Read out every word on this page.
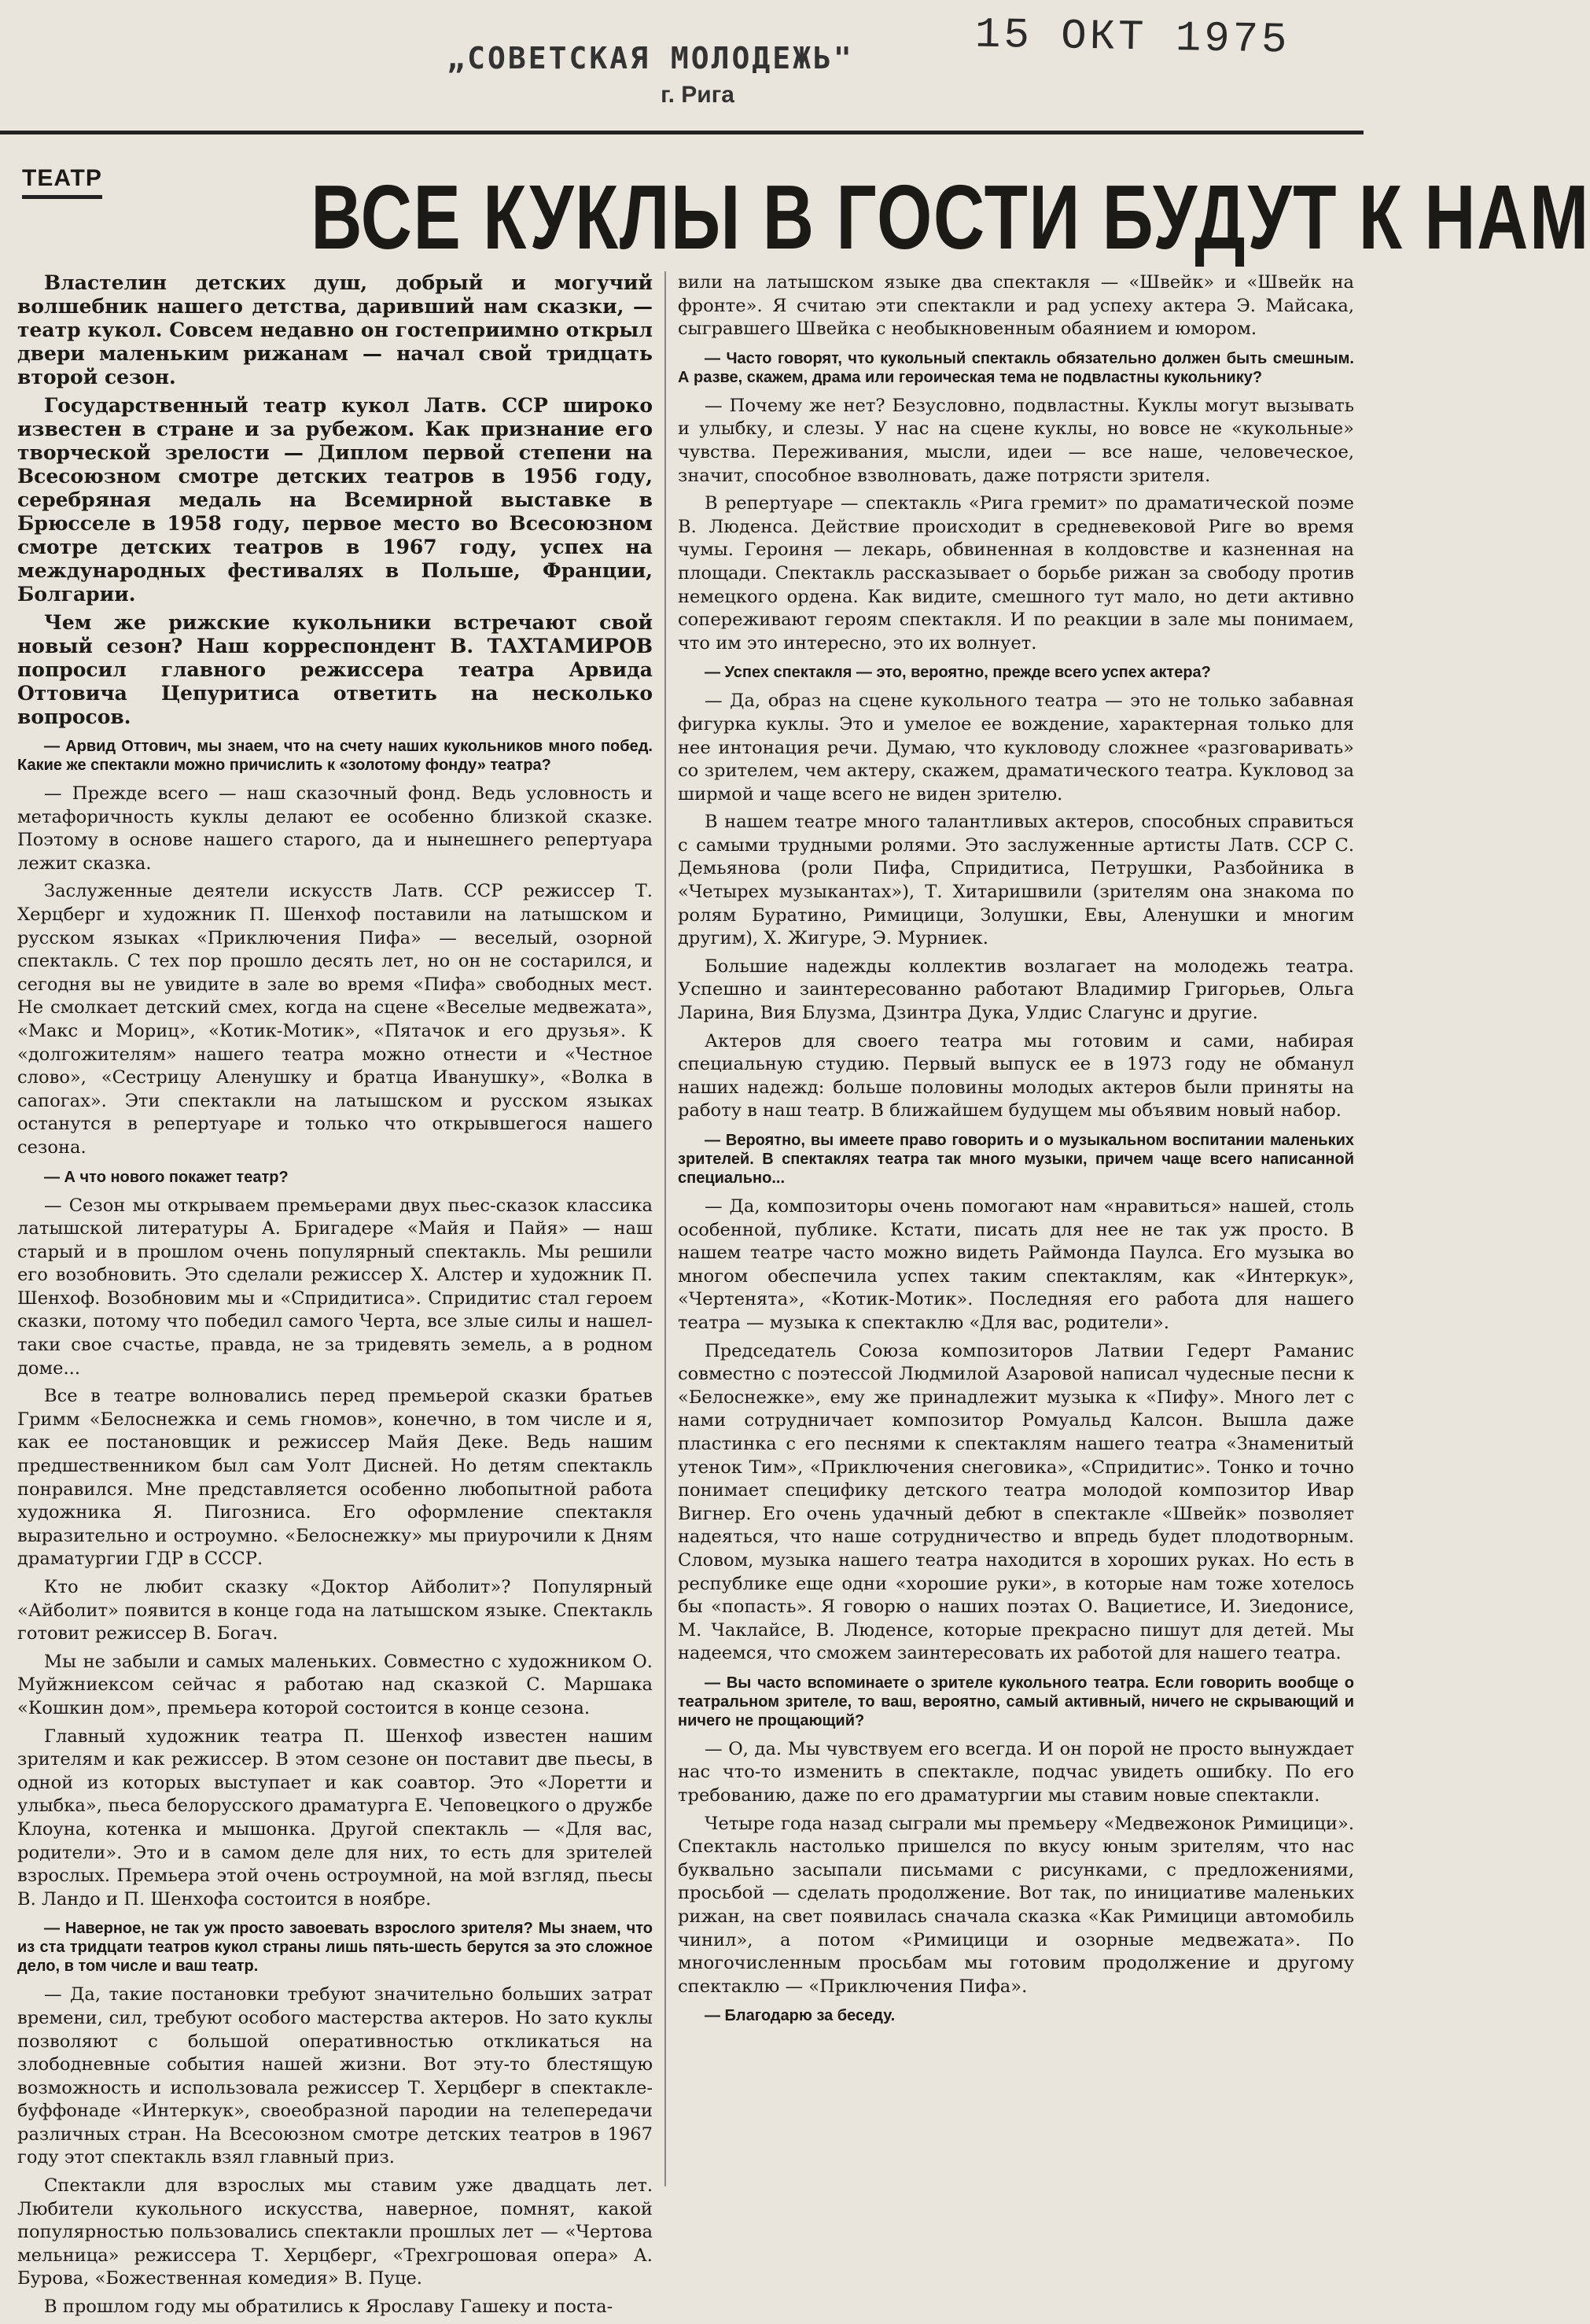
15 ОКТ 1975
„СОВЕТСКАЯ МОЛОДЕЖЬ"
г. Рига
ТЕАТР ВСЕ КУКЛЫ В ГОСТИ БУДУТ К НАМ

Властелин детских душ, добрый и могучий волшебник нашего детства, даривший нам сказки, — театр кукол. Совсем недавно он гостеприимно открыл двери маленьким рижанам — начал свой тридцать второй сезон.

Государственный театр кукол Латв. ССР широко известен в стране и за рубежом. Как признание его творческой зрелости — Диплом первой степени на Всесоюзном смотре детских театров в 1956 году, серебряная медаль на Всемирной выставке в Брюсселе в 1958 году, первое место во Всесоюзном смотре детских театров в 1967 году, успех на международных фестивалях в Польше, Франции, Болгарии.

Чем же рижские кукольники встречают свой новый сезон? Наш корреспондент В. ТАХТАМИРОВ попросил главного режиссера театра Арвида Оттовича Цепуритиса ответить на несколько вопросов.

— Арвид Оттович, мы знаем, что на счету наших кукольников много побед. Какие же спектакли можно причислить к «золотому фонду» театра?

— Прежде всего — наш сказочный фонд. Ведь условность и метафоричность куклы делают ее особенно близкой сказке. Поэтому в основе нашего старого, да и нынешнего репертуара лежит сказка.

Заслуженные деятели искусств Латв. ССР режиссер Т. Херцберг и художник П. Шенхоф поставили на латышском и русском языках «Приключения Пифа» — веселый, озорной спектакль. С тех пор прошло десять лет, но он не состарился, и сегодня вы не увидите в зале во время «Пифа» свободных мест. Не смолкает детский смех, когда на сцене «Веселые медвежата», «Макс и Мориц», «Котик-Мотик», «Пятачок и его друзья». К «долгожителям» нашего театра можно отнести и «Честное слово», «Сестрицу Аленушку и братца Иванушку», «Волка в сапогах». Эти спектакли на латышском и русском языках останутся в репертуаре и только что открывшегося нашего сезона.

— А что нового покажет театр?

— Сезон мы открываем премьерами двух пьес-сказок классика латышской литературы А. Бригадере «Майя и Пайя» — наш старый и в прошлом очень популярный спектакль. Мы решили его возобновить. Это сделали режиссер Х. Алстер и художник П. Шенхоф. Возобновим мы и «Спридитиса». Спридитис стал героем сказки, потому что победил самого Черта, все злые силы и нашел-таки свое счастье, правда, не за тридевять земель, а в родном доме...

Все в театре волновались перед премьерой сказки братьев Гримм «Белоснежка и семь гномов», конечно, в том числе и я, как ее постановщик и режиссер Майя Деке. Ведь нашим предшественником был сам Уолт Дисней. Но детям спектакль понравился. Мне представляется особенно любопытной работа художника Я. Пигозниса. Его оформление спектакля выразительно и остроумно. «Белоснежку» мы приурочили к Дням драматургии ГДР в СССР.

Кто не любит сказку «Доктор Айболит»? Популярный «Айболит» появится в конце года на латышском языке. Спектакль готовит режиссер В. Богач.

Мы не забыли и самых маленьких. Совместно с художником О. Муйжниексом сейчас я работаю над сказкой С. Маршака «Кошкин дом», премьера которой состоится в конце сезона.

Главный художник театра П. Шенхоф известен нашим зрителям и как режиссер. В этом сезоне он поставит две пьесы, в одной из которых выступает и как соавтор. Это «Лоретти и улыбка», пьеса белорусского драматурга Е. Чеповецкого о дружбе Клоуна, котенка и мышонка. Другой спектакль — «Для вас, родители». Это и в самом деле для них, то есть для зрителей взрослых. Премьера этой очень остроумной, на мой взгляд, пьесы В. Ландо и П. Шенхофа состоится в ноябре.

— Наверное, не так уж просто завоевать взрослого зрителя? Мы знаем, что из ста тридцати театров кукол страны лишь пять-шесть берутся за это сложное дело, в том числе и ваш театр.

— Да, такие постановки требуют значительно больших затрат времени, сил, требуют особого мастерства актеров. Но зато куклы позволяют с большой оперативностью откликаться на злободневные события нашей жизни. Вот эту-то блестящую возможность и использовала режиссер Т. Херцберг в спектакле-буффонаде «Интеркук», своеобразной пародии на телепередачи различных стран. На Всесоюзном смотре детских театров в 1967 году этот спектакль взял главный приз.

Спектакли для взрослых мы ставим уже двадцать лет. Любители кукольного искусства, наверное, помнят, какой популярностью пользовались спектакли прошлых лет — «Чертова мельница» режиссера Т. Херцберг, «Трехгрошовая опера» А. Бурова, «Божественная комедия» В. Пуце.

В прошлом году мы обратились к Ярославу Гашеку и поста-

вили на латышском языке два спектакля — «Швейк» и «Швейк на фронте». Я считаю эти спектакли и рад успеху актера Э. Майсака, сыгравшего Швейка с необыкновенным обаянием и юмором.

— Часто говорят, что кукольный спектакль обязательно должен быть смешным. А разве, скажем, драма или героическая тема не подвластны кукольнику?

— Почему же нет? Безусловно, подвластны. Куклы могут вызывать и улыбку, и слезы. У нас на сцене куклы, но вовсе не «кукольные» чувства. Переживания, мысли, идеи — все наше, человеческое, значит, способное взволновать, даже потрясти зрителя.

В репертуаре — спектакль «Рига гремит» по драматической поэме В. Люденса. Действие происходит в средневековой Риге во время чумы. Героиня — лекарь, обвиненная в колдовстве и казненная на площади. Спектакль рассказывает о борьбе рижан за свободу против немецкого ордена. Как видите, смешного тут мало, но дети активно сопереживают героям спектакля. И по реакции в зале мы понимаем, что им это интересно, это их волнует.

— Успех спектакля — это, вероятно, прежде всего успех актера?

— Да, образ на сцене кукольного театра — это не только забавная фигурка куклы. Это и умелое ее вождение, характерная только для нее интонация речи. Думаю, что кукловоду сложнее «разговаривать» со зрителем, чем актеру, скажем, драматического театра. Кукловод за ширмой и чаще всего не виден зрителю.

В нашем театре много талантливых актеров, способных справиться с самыми трудными ролями. Это заслуженные артисты Латв. ССР С. Демьянова (роли Пифа, Спридитиса, Петрушки, Разбойника в «Четырех музыкантах»), Т. Хитаришвили (зрителям она знакома по ролям Буратино, Римицици, Золушки, Евы, Аленушки и многим другим), Х. Жигуре, Э. Мурниек.

Большие надежды коллектив возлагает на молодежь театра. Успешно и заинтересованно работают Владимир Григорьев, Ольга Ларина, Вия Блузма, Дзинтра Дука, Улдис Слагунс и другие.

Актеров для своего театра мы готовим и сами, набирая специальную студию. Первый выпуск ее в 1973 году не обманул наших надежд: больше половины молодых актеров были приняты на работу в наш театр. В ближайшем будущем мы объявим новый набор.

— Вероятно, вы имеете право говорить и о музыкальном воспитании маленьких зрителей. В спектаклях театра так много музыки, причем чаще всего написанной специально...

— Да, композиторы очень помогают нам «нравиться» нашей, столь особенной, публике. Кстати, писать для нее не так уж просто. В нашем театре часто можно видеть Раймонда Паулса. Его музыка во многом обеспечила успех таким спектаклям, как «Интеркук», «Чертенята», «Котик-Мотик». Последняя его работа для нашего театра — музыка к спектаклю «Для вас, родители».

Председатель Союза композиторов Латвии Гедерт Раманис совместно с поэтессой Людмилой Азаровой написал чудесные песни к «Белоснежке», ему же принадлежит музыка к «Пифу». Много лет с нами сотрудничает композитор Ромуальд Калсон. Вышла даже пластинка с его песнями к спектаклям нашего театра «Знаменитый утенок Тим», «Приключения снеговика», «Спридитис». Тонко и точно понимает специфику детского театра молодой композитор Ивар Вигнер. Его очень удачный дебют в спектакле «Швейк» позволяет надеяться, что наше сотрудничество и впредь будет плодотворным. Словом, музыка нашего театра находится в хороших руках. Но есть в республике еще одни «хорошие руки», в которые нам тоже хотелось бы «попасть». Я говорю о наших поэтах О. Вациетисе, И. Зиедонисе, М. Чаклайсе, В. Люденсе, которые прекрасно пишут для детей. Мы надеемся, что сможем заинтересовать их работой для нашего театра.

— Вы часто вспоминаете о зрителе кукольного театра. Если говорить вообще о театральном зрителе, то ваш, вероятно, самый активный, ничего не скрывающий и ничего не прощающий?

— О, да. Мы чувствуем его всегда. И он порой не просто вынуждает нас что-то изменить в спектакле, подчас увидеть ошибку. По его требованию, даже по его драматургии мы ставим новые спектакли.

Четыре года назад сыграли мы премьеру «Медвежонок Римицици». Спектакль настолько пришелся по вкусу юным зрителям, что нас буквально засыпали письмами с рисунками, с предложениями, просьбой — сделать продолжение. Вот так, по инициативе маленьких рижан, на свет появилась сначала сказка «Как Римицици автомобиль чинил», а потом «Римицици и озорные медвежата». По многочисленным просьбам мы готовим продолжение и другому спектаклю — «Приключения Пифа».

— Благодарю за беседу.
